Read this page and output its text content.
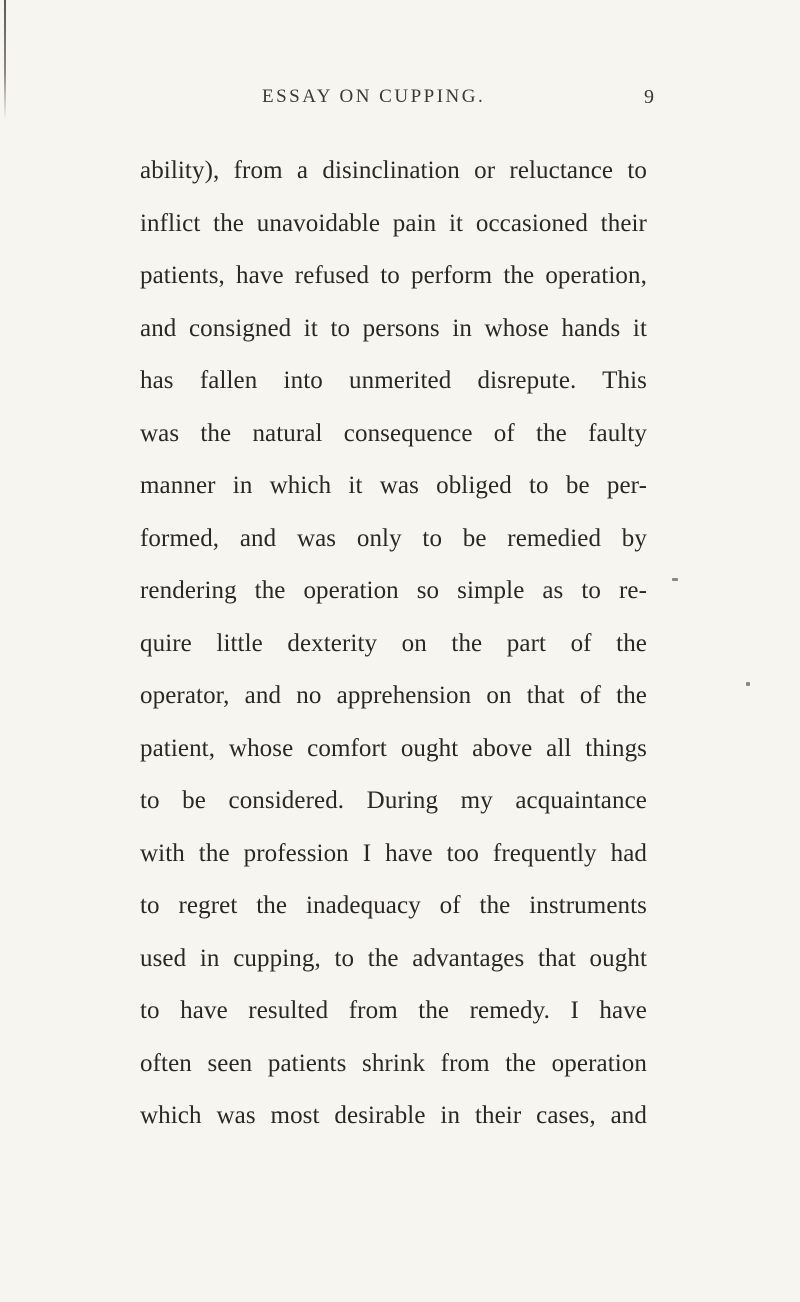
ESSAY ON CUPPING.	9
ability), from a disinclination or reluctance to
inflict the unavoidable pain it occasioned their
patients, have refused to perform the operation,
and consigned it to persons in whose hands it
has fallen into unmerited disrepute. This
was the natural consequence of the faulty
manner in which it was obliged to be per-
formed, and was only to be remedied by
rendering the operation so simple as to re-
quire little dexterity on the part of the
operator, and no apprehension on that of the
patient, whose comfort ought above all things
to be considered. During my acquaintance
with the profession I have too frequently had
to regret the inadequacy of the instruments
used in cupping, to the advantages that ought
to have resulted from the remedy. I have
often seen patients shrink from the operation
which was most desirable in their cases, and
